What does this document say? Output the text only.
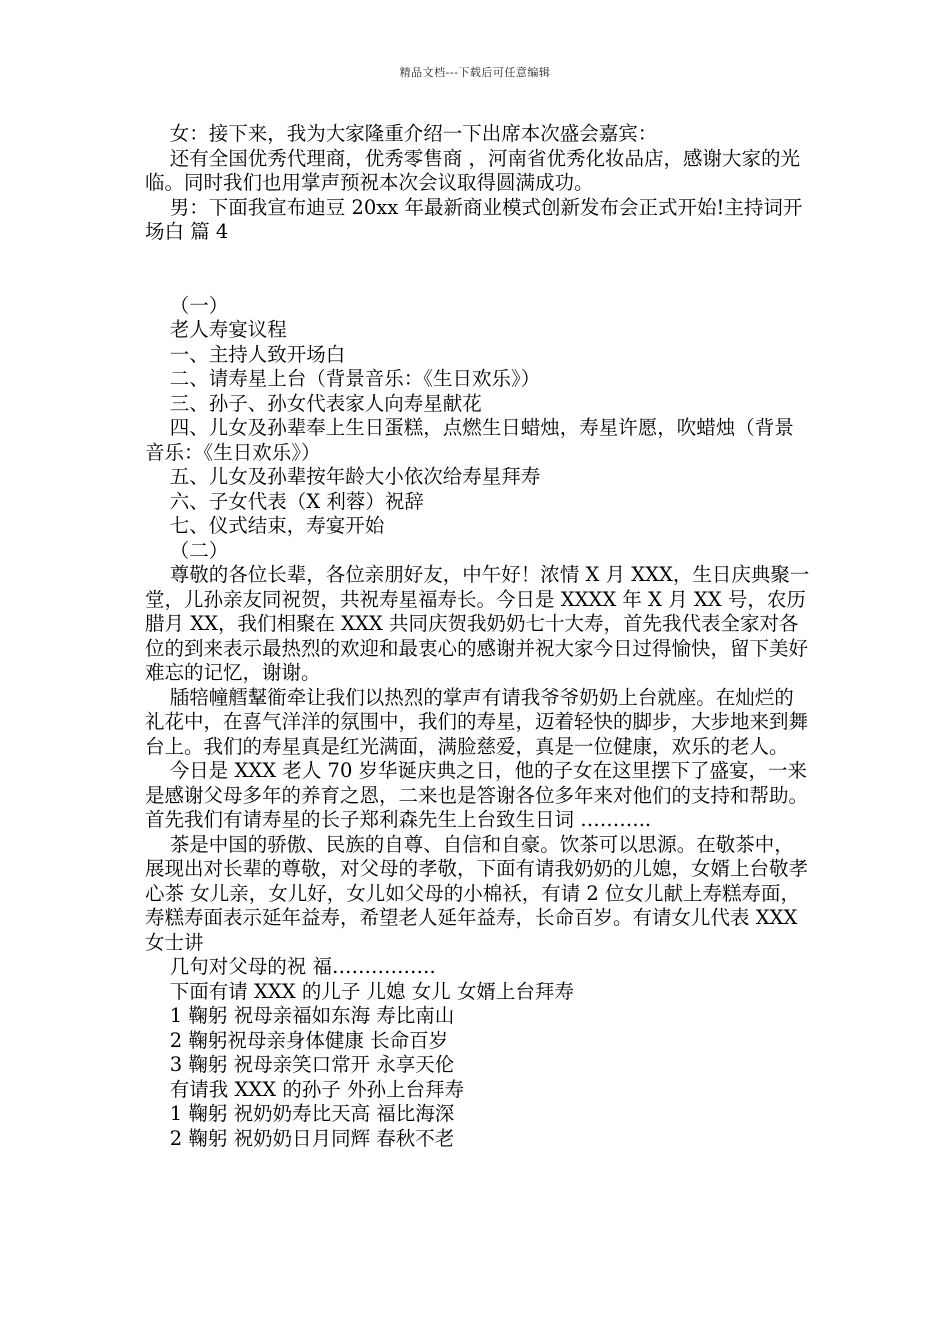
精品文档---下载后可任意编辑

女：接下来，我为大家隆重介绍一下出席本次盛会嘉宾：

还有全国优秀代理商，优秀零售商 ，河南省优秀化妆品店，感谢大家的光临。同时我们也用掌声预祝本次会议取得圆满成功。

男：下面我宣布迪豆 20xx 年最新商业模式创新发布会正式开始!主持词开场白 篇 4

（一）

老人寿宴议程

一、主持人致开场白

二、请寿星上台（背景音乐：《生日欢乐》）

三、孙子、孙女代表家人向寿星献花

四、儿女及孙辈奉上生日蛋糕，点燃生日蜡烛，寿星许愿，吹蜡烛（背景音乐：《生日欢乐》）

五、儿女及孙辈按年龄大小依次给寿星拜寿

六、子女代表（X 利蓉）祝辞

七、仪式结束，寿宴开始

（二）

尊敬的各位长辈，各位亲朋好友，中午好！浓情 X 月 XXX，生日庆典聚一堂，儿孙亲友同祝贺，共祝寿星福寿长。今日是 XXXX 年 X 月 XX 号，农历腊月 XX，我们相聚在 XXX 共同庆贺我奶奶七十大寿，首先我代表全家对各位的到来表示最热烈的欢迎和最衷心的感谢并祝大家今日过得愉快，留下美好难忘的记忆，谢谢。

牐犃幢艝鞤衜牵让我们以热烈的掌声有请我爷爷奶奶上台就座。在灿烂的礼花中，在喜气洋洋的氛围中，我们的寿星，迈着轻快的脚步，大步地来到舞台上。我们的寿星真是红光满面，满脸慈爱，真是一位健康，欢乐的老人。

今日是 XXX 老人 70 岁华诞庆典之日，他的子女在这里摆下了盛宴，一来是感谢父母多年的养育之恩，二来也是答谢各位多年来对他们的支持和帮助。首先我们有请寿星的长子郑利森先生上台致生日词 ………..

茶是中国的骄傲、民族的自尊、自信和自豪。饮茶可以思源。在敬茶中，展现出对长辈的尊敬，对父母的孝敬，下面有请我奶奶的儿媳，女婿上台敬孝心茶 女儿亲，女儿好，女儿如父母的小棉袄，有请 2 位女儿献上寿糕寿面，寿糕寿面表示延年益寿，希望老人延年益寿，长命百岁。有请女儿代表 XXX 女士讲

几句对父母的祝 福…………….

下面有请 XXX 的儿子 儿媳 女儿 女婿上台拜寿

1 鞠躬 祝母亲福如东海 寿比南山

2 鞠躬祝母亲身体健康 长命百岁

3 鞠躬 祝母亲笑口常开 永享天伦

有请我 XXX 的孙子 外孙上台拜寿

1 鞠躬 祝奶奶寿比天高 福比海深

2 鞠躬 祝奶奶日月同辉 春秋不老
